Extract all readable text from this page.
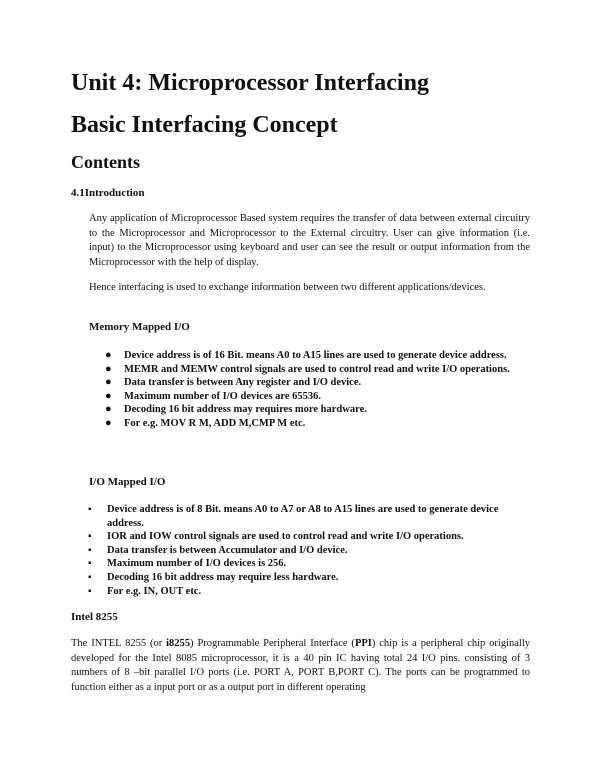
Unit 4: Microprocessor Interfacing
Basic Interfacing Concept
Contents
4.1Introduction

Any application of Microprocessor Based system requires the transfer of data between external circuitry to the Microprocessor and Microprocessor to the External circuitry. User can give information (i.e. input) to the Microprocessor using keyboard and user can see the result or output information from the Microprocessor with the help of display.

Hence interfacing is used to exchange information between two different applications/devices.

Memory Mapped I/O
● Device address is of 16 Bit. means A0 to A15 lines are used to generate device address.
● MEMR and MEMW control signals are used to control read and write I/O operations.
● Data transfer is between Any register and I/O device.
● Maximum number of I/O devices are 65536.
● Decoding 16 bit address may requires more hardware.
● For e.g. MOV R M, ADD M,CMP M etc.
I/O Mapped I/O
▪ Device address is of 8 Bit. means A0 to A7 or A8 to A15 lines are used to generate device address.
▪ IOR and IOW control signals are used to control read and write I/O operations.
▪ Data transfer is between Accumulator and I/O device.
▪ Maximum number of I/O devices is 256.
▪ Decoding 16 bit address may require less hardware.
▪ For e.g. IN, OUT etc.
Intel 8255

The INTEL 8255 (or i8255) Programmable Peripheral Interface (PPI) chip is a peripheral chip originally developed for the Intel 8085 microprocessor, it is a 40 pin IC having total 24 I/O pins. consisting of 3 numbers of 8 –bit parallel I/O ports (i.e. PORT A, PORT B,PORT C). The ports can be programmed to function either as a input port or as a output port in different operating
